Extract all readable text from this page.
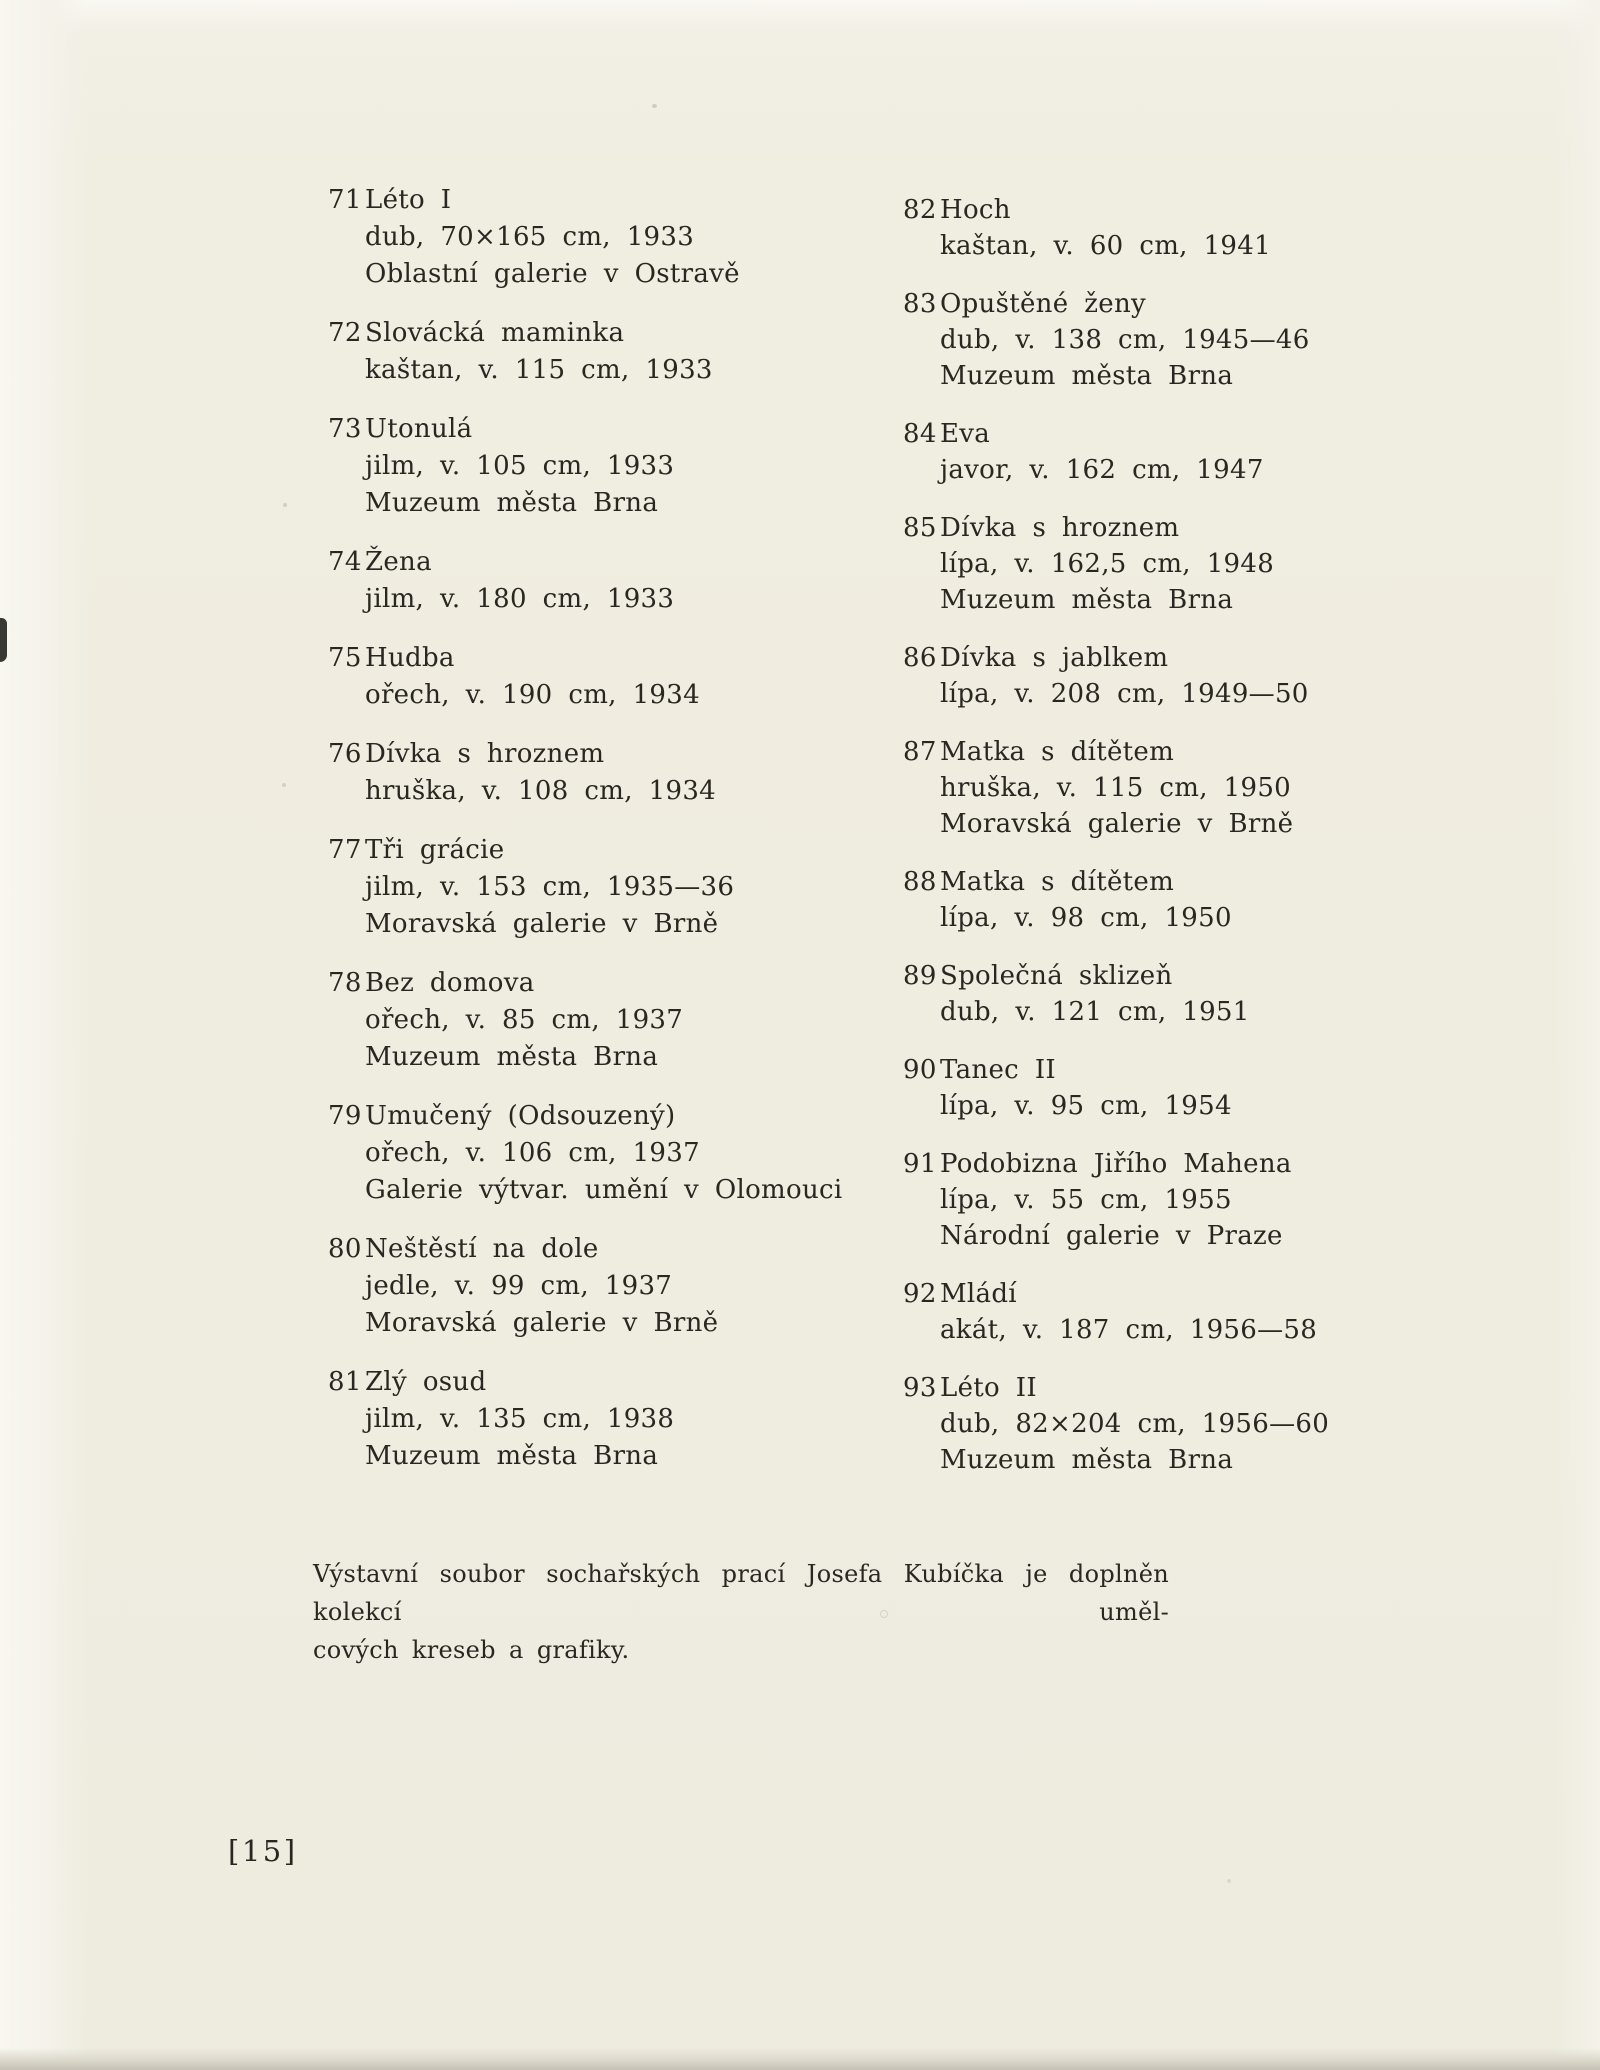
71 Léto I
dub, 70×165 cm, 1933
Oblastní galerie v Ostravě
72 Slovácká maminka
kaštan, v. 115 cm, 1933
73 Utonulá
jilm, v. 105 cm, 1933
Muzeum města Brna
74 Žena
jilm, v. 180 cm, 1933
75 Hudba
ořech, v. 190 cm, 1934
76 Dívka s hroznem
hruška, v. 108 cm, 1934
77 Tři grácie
jilm, v. 153 cm, 1935—36
Moravská galerie v Brně
78 Bez domova
ořech, v. 85 cm, 1937
Muzeum města Brna
79 Umučený (Odsouzený)
ořech, v. 106 cm, 1937
Galerie výtvar. umění v Olomouci
80 Neštěstí na dole
jedle, v. 99 cm, 1937
Moravská galerie v Brně
81 Zlý osud
jilm, v. 135 cm, 1938
Muzeum města Brna
82 Hoch
kaštan, v. 60 cm, 1941
83 Opuštěné ženy
dub, v. 138 cm, 1945—46
Muzeum města Brna
84 Eva
javor, v. 162 cm, 1947
85 Dívka s hroznem
lípa, v. 162,5 cm, 1948
Muzeum města Brna
86 Dívka s jablkem
lípa, v. 208 cm, 1949—50
87 Matka s dítětem
hruška, v. 115 cm, 1950
Moravská galerie v Brně
88 Matka s dítětem
lípa, v. 98 cm, 1950
89 Společná sklizeň
dub, v. 121 cm, 1951
90 Tanec II
lípa, v. 95 cm, 1954
91 Podobizna Jiřího Mahena
lípa, v. 55 cm, 1955
Národní galerie v Praze
92 Mládí
akát, v. 187 cm, 1956—58
93 Léto II
dub, 82×204 cm, 1956—60
Muzeum města Brna
Výstavní soubor sochařských prací Josefa Kubíčka je doplněn kolekcí uměl-
cových kreseb a grafiky.
[15]
